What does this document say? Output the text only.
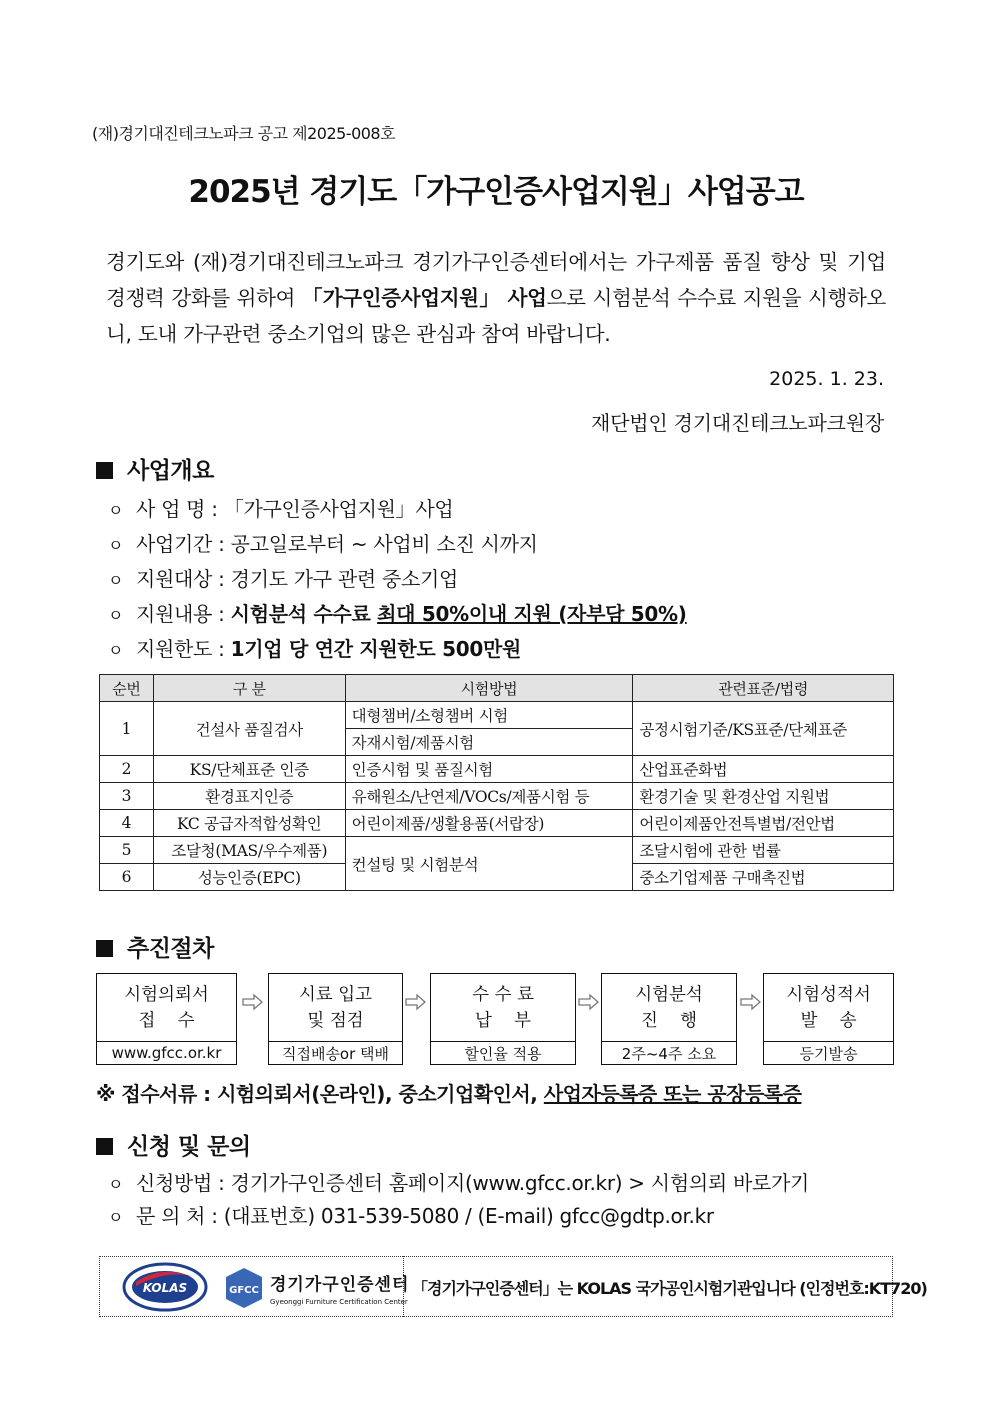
(재)경기대진테크노파크 공고 제2025-008호
2025년 경기도「가구인증사업지원」사업공고
경기도와 (재)경기대진테크노파크 경기가구인증센터에서는 가구제품 품질 향상 및 기업 경쟁력 강화를 위하여 「가구인증사업지원」 사업으로 시험분석 수수료 지원을 시행하오니, 도내 가구관련 중소기업의 많은 관심과 참여 바랍니다.
2025. 1. 23.
재단법인 경기대진테크노파크원장
사업개요
ㅇ 사 업 명 : 「가구인증사업지원」사업
ㅇ 사업기간 : 공고일로부터 ~ 사업비 소진 시까지
ㅇ 지원대상 : 경기도 가구 관련 중소기업
ㅇ 지원내용 : 시험분석 수수료 최대 50%이내 지원 (자부담 50%)
ㅇ 지원한도 : 1기업 당 연간 지원한도 500만원
순번	구 분	시험방법	관련표준/법령
1	건설사 품질검사	대형챔버/소형챔버 시험	공정시험기준/KS표준/단체표준
		자재시험/제품시험	
2	KS/단체표준 인증	인증시험 및 품질시험	산업표준화법
3	환경표지인증	유해원소/난연제/VOCs/제품시험 등	환경기술 및 환경산업 지원법
4	KC 공급자적합성확인	어린이제품/생활용품(서랍장)	어린이제품안전특별법/전안법
5	조달청(MAS/우수제품)	컨설팅 및 시험분석	조달시험에 관한 법률
6	성능인증(EPC)		중소기업제품 구매촉진법
추진절차
시험의뢰서
접    수
www.gfcc.or.kr
시료 입고
및 점검
직접배송or 택배
수 수 료
납    부
할인율 적용
시험분석
진    행
2주~4주 소요
시험성적서
발    송
등기발송
※ 접수서류 : 시험의뢰서(온라인), 중소기업확인서, 사업자등록증 또는 공장등록증
신청 및 문의
ㅇ 신청방법 : 경기가구인증센터 홈페이지(www.gfcc.or.kr) > 시험의뢰 바로가기
ㅇ 문 의 처 : (대표번호) 031-539-5080 / (E-mail) gfcc@gdtp.or.kr
KOLAS	GFCC 경기가구인증센터
Gyeonggi Furniture Certification Center
「경기가구인증센터」는 KOLAS 국가공인시험기관입니다 (인정번호:KT720)
